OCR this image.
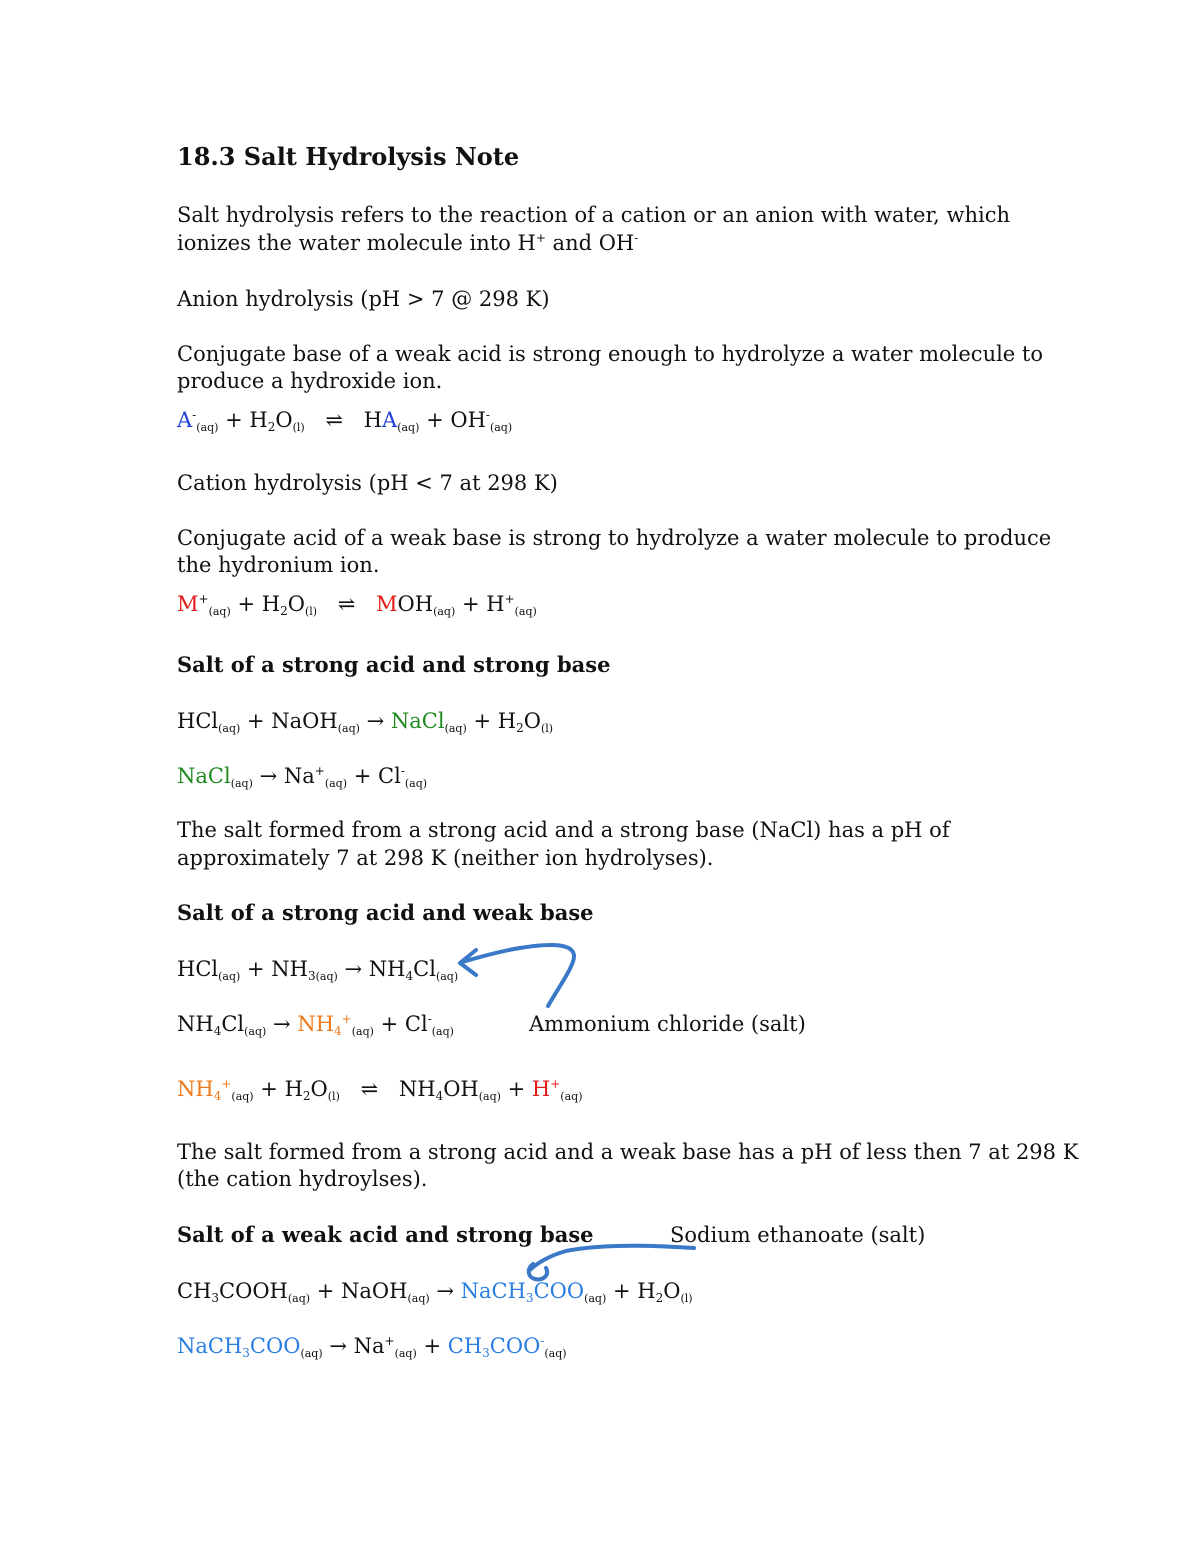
18.3 Salt Hydrolysis Note
Salt hydrolysis refers to the reaction of a cation or an anion with water, which
ionizes the water molecule into H+ and OH-
Anion hydrolysis (pH > 7 @ 298 K)
Conjugate base of a weak acid is strong enough to hydrolyze a water molecule to
produce a hydroxide ion.
$A^-(aq) + H_2O(l)$ ⇌ HA(aq) + OH-(aq)
Cation hydrolysis (pH < 7 at 298 K)
Conjugate acid of a weak base is strong to hydrolyze a water molecule to produce
the hydronium ion.
$M^+(aq) + H_2O(l)$ ⇌ MOH(aq) + H+(aq)
Salt of a strong acid and strong base
HCl(aq) + NaOH(aq) → NaCl(aq) + $H_2O(l)$
NaCl(aq) → Na+(aq) + Cl-(aq)
The salt formed from a strong acid and a strong base (NaCl) has a pH of
approximately 7 at 298 K (neither ion hydrolyses).
Salt of a strong acid and weak base
$HCl(aq) + NH_3(aq) \to NH_4Cl(aq)$
$NH_4Cl(aq) \to NH_4^+(aq) + Cl^-(aq)$	Ammonium chloride (salt)
$NH_4^+(aq) + H_2O(l)$ ⇌ $NH_4OH(aq) + H^+(aq)$
The salt formed from a strong acid and a weak base has a pH of less then 7 at 298 K
(the cation hydroylses).
Salt of a weak acid and strong base	Sodium ethanoate (salt)
$CH_3COOH(aq)$ + NaOH(aq) → NaCH$_3$COO(aq) + $H_2O(l)$
NaCH$_3$COO(aq) → $Na^+(aq) + CH_3COO^-(aq)$
